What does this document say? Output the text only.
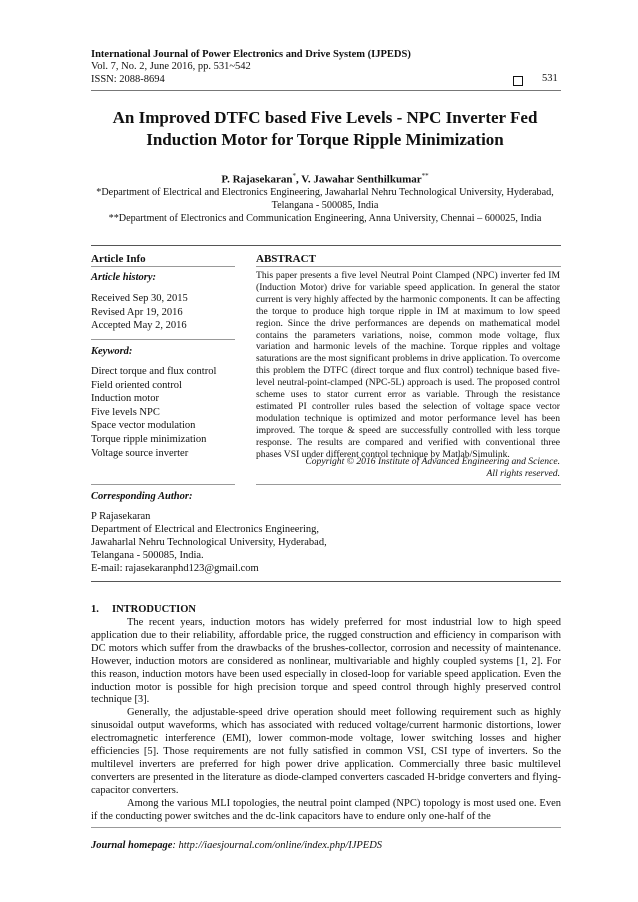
International Journal of Power Electronics and Drive System (IJPEDS)
Vol. 7, No. 2, June 2016, pp. 531~542
ISSN: 2088-8694	531
An Improved DTFC based Five Levels - NPC Inverter Fed
Induction Motor for Torque Ripple Minimization
P. Rajasekaran*, V. Jawahar Senthilkumar**
*Department of Electrical and Electronics Engineering, Jawaharlal Nehru Technological University, Hyderabad,
Telangana - 500085, India
**Department of Electronics and Communication Engineering, Anna University, Chennai – 600025, India
Article Info	ABSTRACT
Article history:
Received Sep 30, 2015
Revised Apr 19, 2016
Accepted May 2, 2016
Keyword:
Direct torque and flux control
Field oriented control
Induction motor
Five levels NPC
Space vector modulation
Torque ripple minimization
Voltage source inverter
This paper presents a five level Neutral Point Clamped (NPC) inverter fed IM (Induction Motor) drive for variable speed application. In general the stator current is very highly affected by the harmonic components. It can be affecting the torque to produce high torque ripple in IM at maximum to low speed region. Since the drive performances are depends on mathematical model contains the parameters variations, noise, common mode voltage, flux variation and harmonic levels of the machine. Torque ripples and voltage saturations are the most significant problems in drive application. To overcome this problem the DTFC (direct torque and flux control) technique based five-level neutral-point-clamped (NPC-5L) approach is used. The proposed control scheme uses to stator current error as variable. Through the resistance estimated PI controller rules based the selection of voltage space vector modulation technique is optimized and motor performance level has been improved. The torque & speed are successfully controlled with less torque response. The results are compared and verified with conventional three phases VSI under different control technique by Matlab/Simulink.
Copyright © 2016 Institute of Advanced Engineering and Science.
All rights reserved.
Corresponding Author:
P Rajasekaran
Department of Electrical and Electronics Engineering,
Jawaharlal Nehru Technological University, Hyderabad,
Telangana - 500085, India.
E-mail: rajasekaranphd123@gmail.com
1.     INTRODUCTION

The recent years, induction motors has widely preferred for most industrial low to high speed application due to their reliability, affordable price, the rugged construction and efficiency in comparison with DC motors which suffer from the drawbacks of the brushes-collector, corrosion and necessity of maintenance. However, induction motors are considered as nonlinear, multivariable and highly coupled systems [1, 2]. For this reason, induction motors have been used especially in closed-loop for variable speed application. Even the induction motor is possible for high precision torque and speed control through highly preserved control technique [3].

Generally, the adjustable-speed drive operation should meet following requirement such as highly sinusoidal output waveforms, which has associated with reduced voltage/current harmonic distortions, lower electromagnetic interference (EMI), lower common-mode voltage, lower switching losses and higher efficiencies [5]. Those requirements are not fully satisfied in common VSI, CSI type of inverters. So the multilevel inverters are preferred for high power drive application. Commercially three basic multilevel converters are presented in the literature as diode-clamped converters cascaded H-bridge converters and flying-capacitor converters.

Among the various MLI topologies, the neutral point clamped (NPC) topology is most used one. Even if the conducting power switches and the dc-link capacitors have to endure only one-half of the

Journal homepage: http://iaesjournal.com/online/index.php/IJPEDS
